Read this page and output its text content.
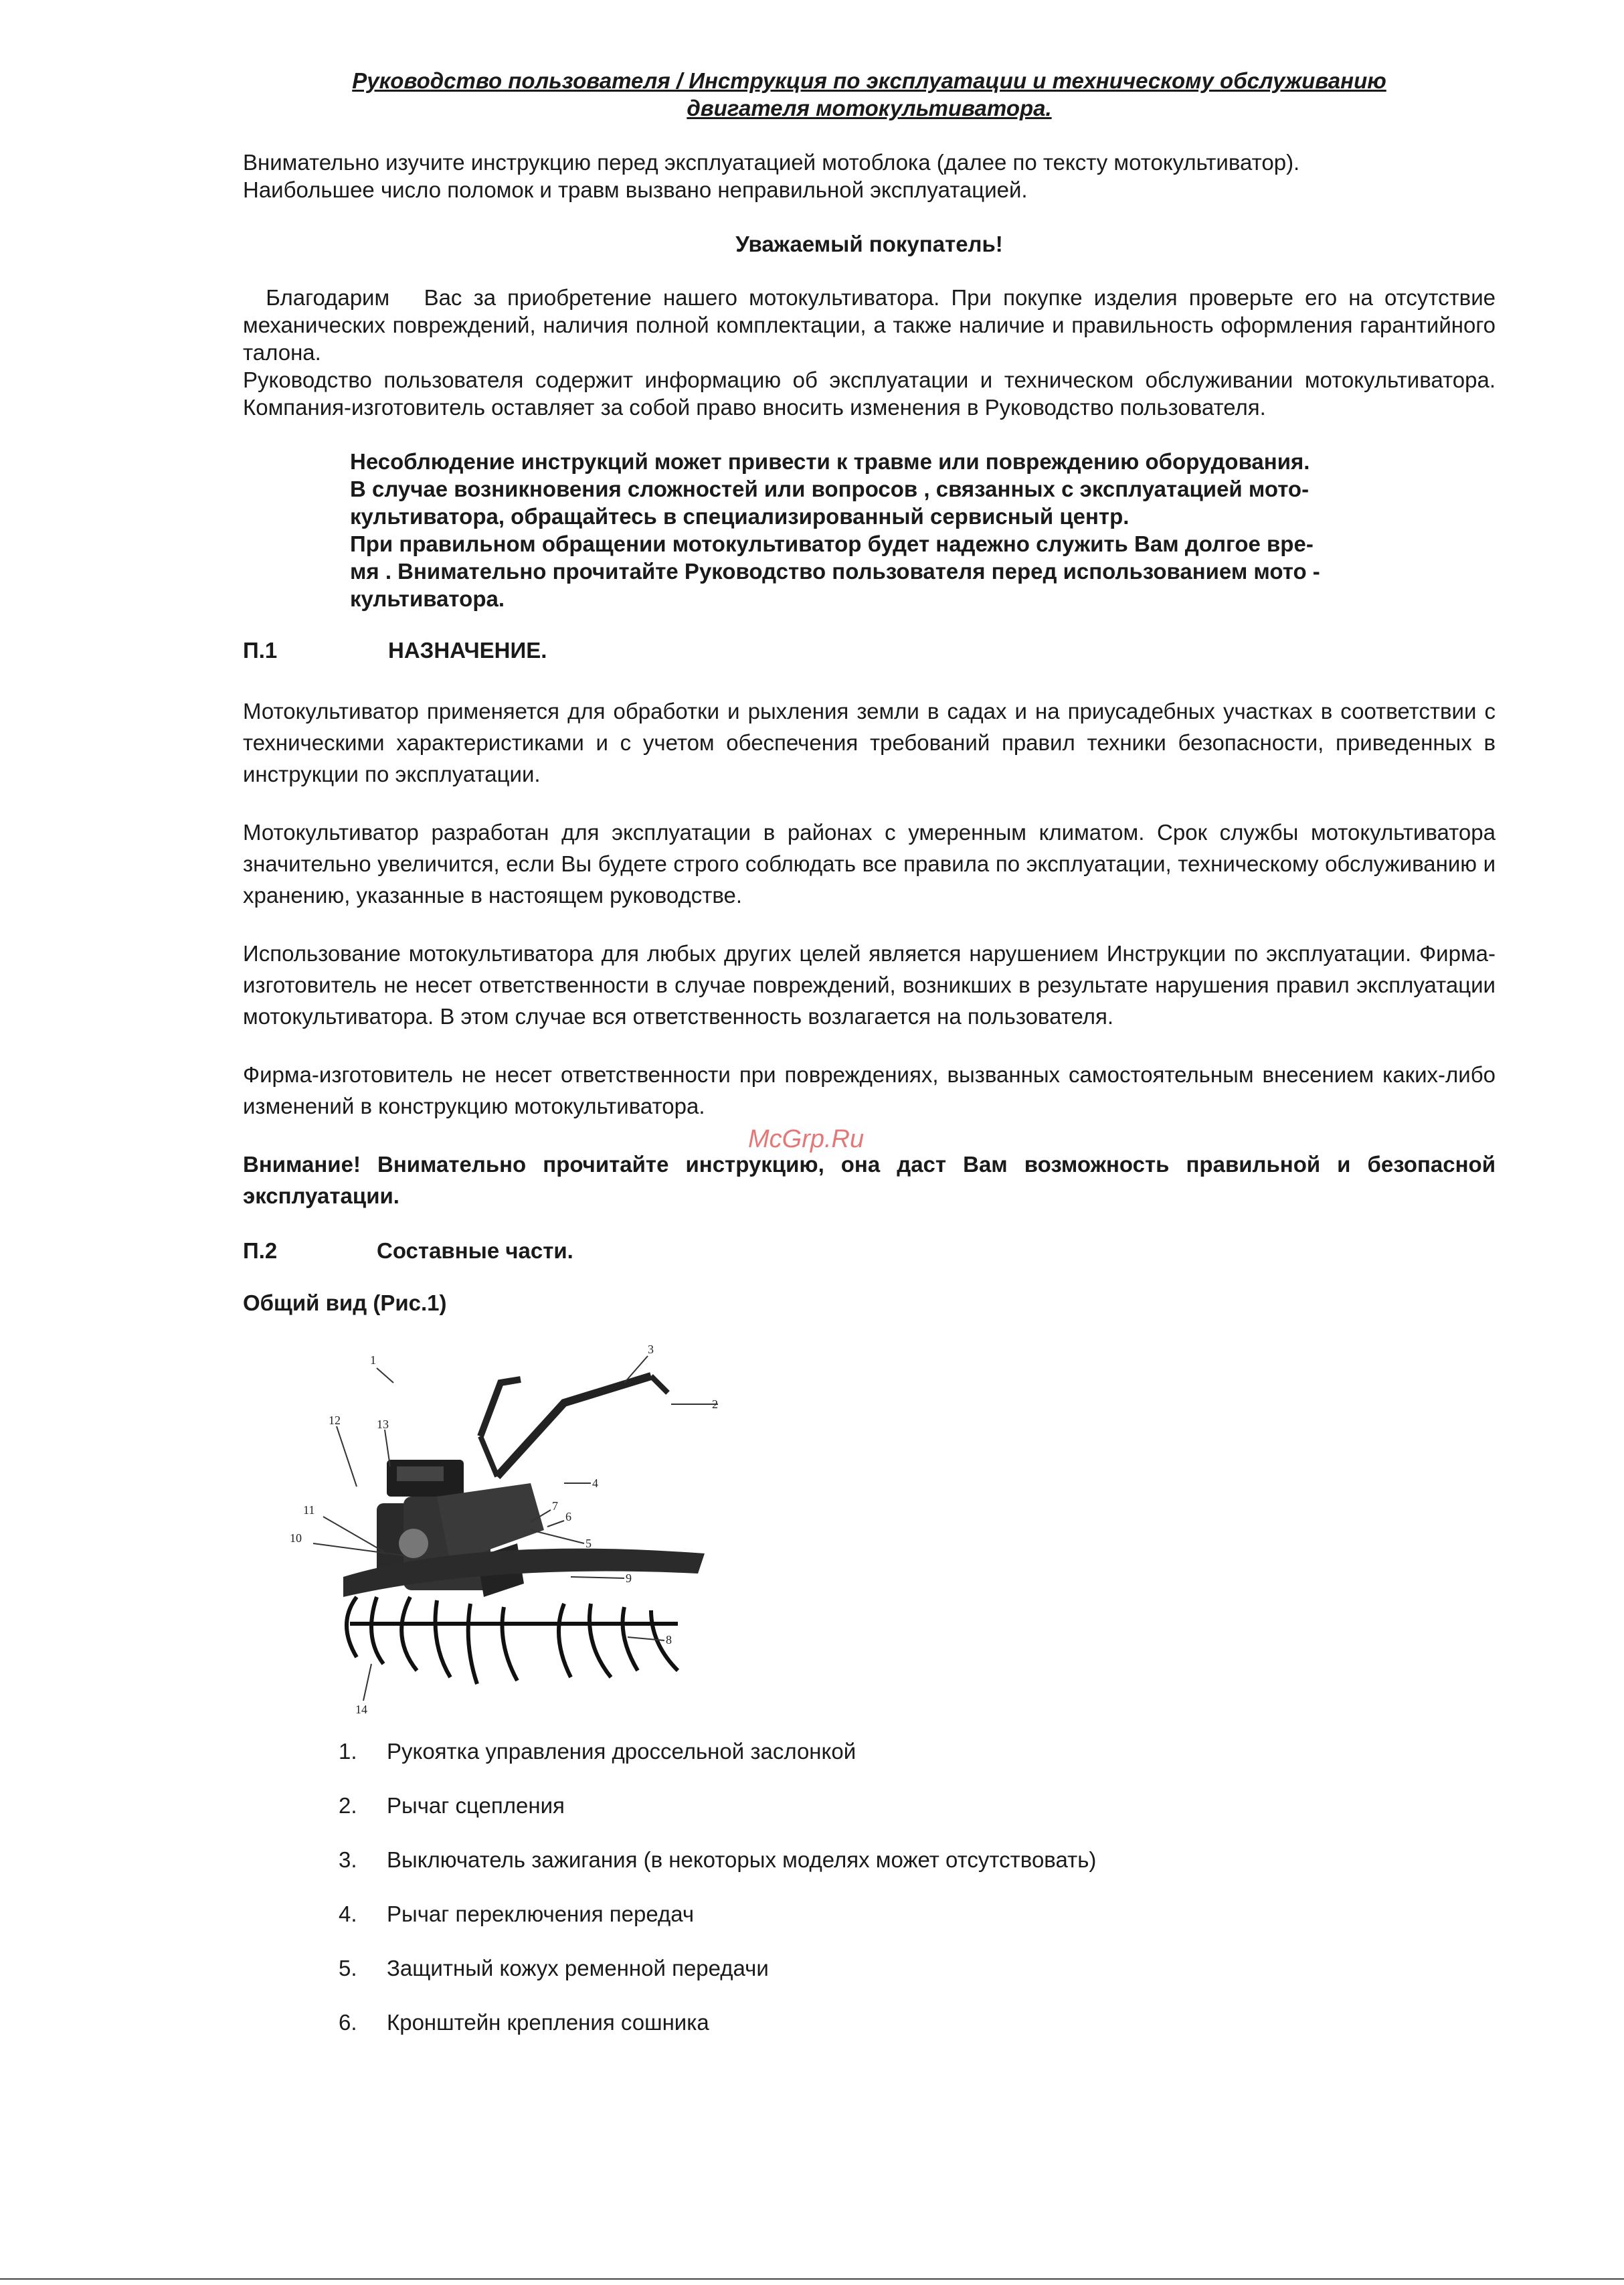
Руководство пользователя / Инструкция по эксплуатации и техническому обслуживанию
двигателя мотокультиватора.

Внимательно изучите инструкцию перед эксплуатацией мотоблока (далее по тексту мотокультиватор).

Наибольшее число поломок и травм вызвано неправильной эксплуатацией.

Уважаемый покупатель!

Благодарим   Вас за приобретение нашего мотокультиватора. При покупке изделия проверьте его на отсутствие механических повреждений, наличия полной комплектации, а также наличие и правильность оформления гарантийного талона.

Руководство пользователя содержит информацию об эксплуатации и техническом обслуживании мотокультиватора. Компания-изготовитель оставляет за собой право вносить изменения в Руководство пользователя.

Несоблюдение инструкций может привести к травме или повреждению оборудования.

В случае возникновения сложностей или вопросов , связанных с эксплуатацией мото-

культиватора, обращайтесь в специализированный сервисный центр.

При правильном обращении мотокультиватор будет надежно служить Вам долгое вре-

мя . Внимательно прочитайте Руководство пользователя перед использованием мото -

культиватора.

П.1	НАЗНАЧЕНИЕ.

Мотокультиватор применяется для обработки и рыхления земли в садах и на приусадебных участках в соответствии с техническими характеристиками и с учетом обеспечения требований правил техники безопасности, приведенных в инструкции по эксплуатации.

Мотокультиватор разработан для эксплуатации в районах с умеренным климатом. Срок службы мотокультиватора значительно увеличится, если Вы будете строго соблюдать все правила по эксплуатации, техническому обслуживанию и хранению, указанные в настоящем руководстве.

Использование мотокультиватора для любых других целей является нарушением Инструкции по эксплуатации. Фирма-изготовитель не несет ответственности в случае повреждений, возникших в результате нарушения правил эксплуатации мотокультиватора. В этом случае вся ответственность возлагается на пользователя.

Фирма-изготовитель не несет ответственности при повреждениях, вызванных самостоятельным внесением каких-либо изменений в конструкцию мотокультиватора.

Внимание! Внимательно прочитайте инструкцию, она даст Вам возможность правильной и безопасной эксплуатации.

П.2	Составные части.
Общий вид (Рис.1)
1
2
3
4
5
6
7
8
9
10
11
12	13
14
1.	Рукоятка управления дроссельной заслонкой
2.	Рычаг сцепления
3.	Выключатель зажигания (в некоторых моделях может отсутствовать)
4.	Рычаг переключения передач
5.	Защитный кожух ременной передачи
6.	Кронштейн крепления сошника
McGrp.Ru
